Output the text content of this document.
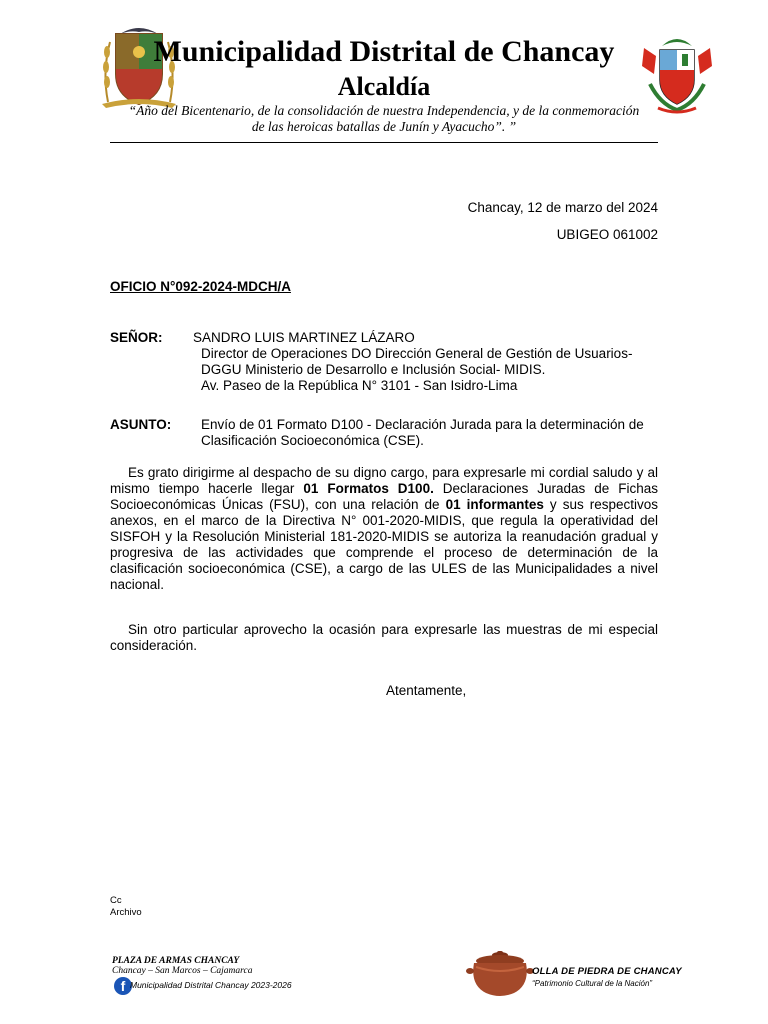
Municipalidad Distrital de Chancay
Alcaldía
“Año del Bicentenario, de la consolidación de nuestra Independencia, y de la conmemoración
de las heroicas batallas de Junín y Ayacucho”. ”
Chancay, 12 de marzo del 2024
UBIGEO 061002
OFICIO N°092-2024-MDCH/A
SEÑOR: SANDRO LUIS MARTINEZ LÁZARO
Director de Operaciones DO Dirección General de Gestión de Usuarios-
DGGU Ministerio de Desarrollo e Inclusión Social- MIDIS.
Av. Paseo de la República N° 3101 - San Isidro-Lima
ASUNTO: Envío de 01 Formato D100 - Declaración Jurada para la determinación de Clasificación Socioeconómica (CSE).
Es grato dirigirme al despacho de su digno cargo, para expresarle mi cordial saludo y al mismo tiempo hacerle llegar 01 Formatos D100. Declaraciones Juradas de Fichas Socioeconómicas Únicas (FSU), con una relación de 01 informantes y sus respectivos anexos, en el marco de la Directiva N° 001-2020-MIDIS, que regula la operatividad del SISFOH y la Resolución Ministerial 181-2020-MIDIS se autoriza la reanudación gradual y progresiva de las actividades que comprende el proceso de determinación de la clasificación socioeconómica (CSE), a cargo de las ULES de las Municipalidades a nivel nacional.
Sin otro particular aprovecho la ocasión para expresarle las muestras de mi especial consideración.
Atentamente,
Cc
Archivo
PLAZA DE ARMAS CHANCAY
Chancay – San Marcos – Cajamarca
f Municipalidad Distrital Chancay 2023-2026
OLLA DE PIEDRA DE CHANCAY
“Patrimonio Cultural de la Nación”
